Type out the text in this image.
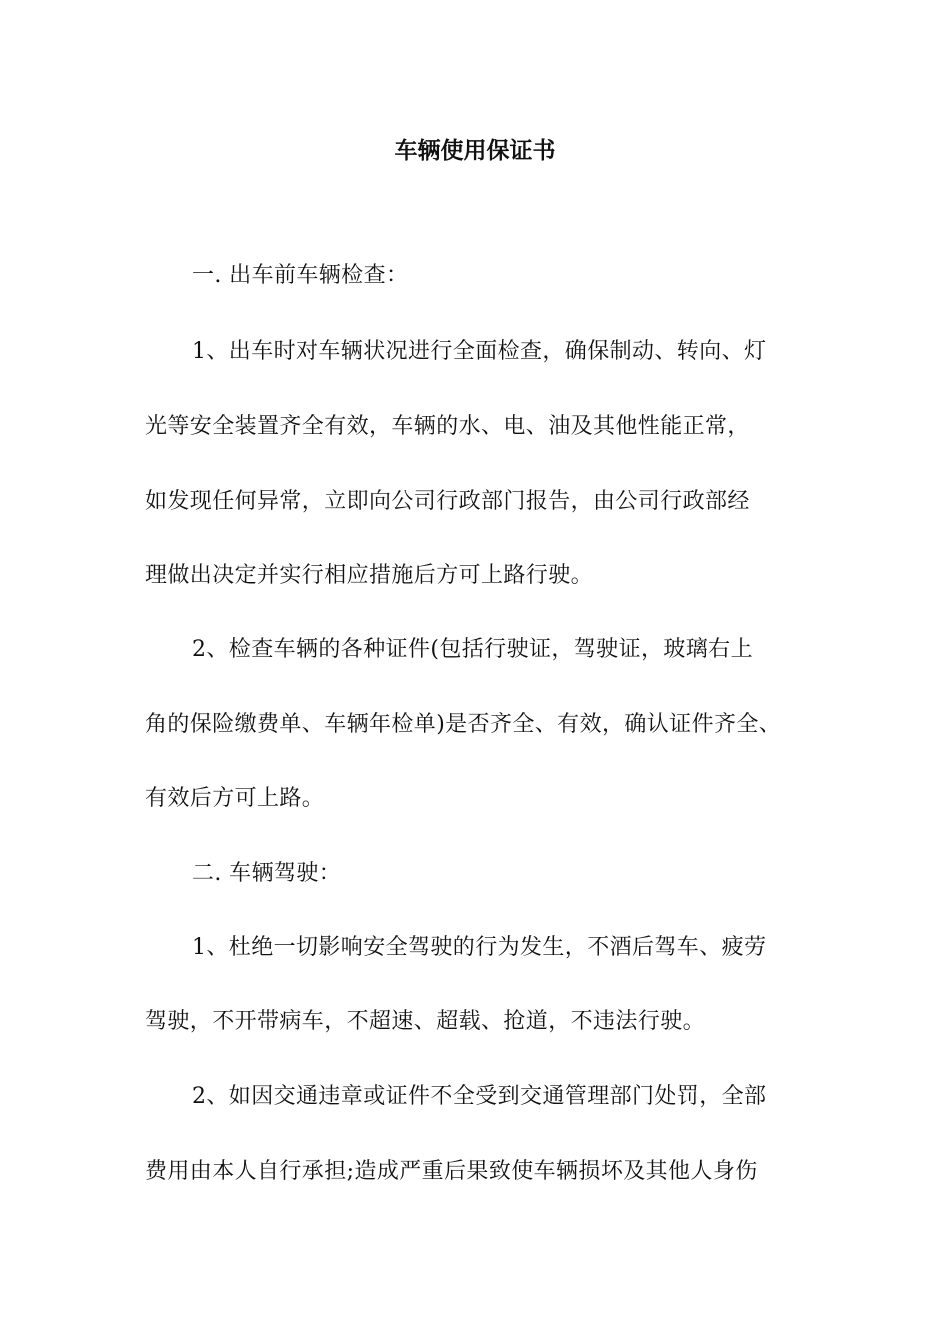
车辆使用保证书
一. 出车前车辆检查：
1、出车时对车辆状况进行全面检查，确保制动、转向、灯
光等安全装置齐全有效，车辆的水、电、油及其他性能正常，
如发现任何异常，立即向公司行政部门报告，由公司行政部经
理做出决定并实行相应措施后方可上路行驶。
2、检查车辆的各种证件(包括行驶证，驾驶证，玻璃右上
角的保险缴费单、车辆年检单)是否齐全、有效，确认证件齐全、
有效后方可上路。
二. 车辆驾驶：
1、杜绝一切影响安全驾驶的行为发生，不酒后驾车、疲劳
驾驶，不开带病车，不超速、超载、抢道，不违法行驶。
2、如因交通违章或证件不全受到交通管理部门处罚，全部
费用由本人自行承担;造成严重后果致使车辆损坏及其他人身伤
